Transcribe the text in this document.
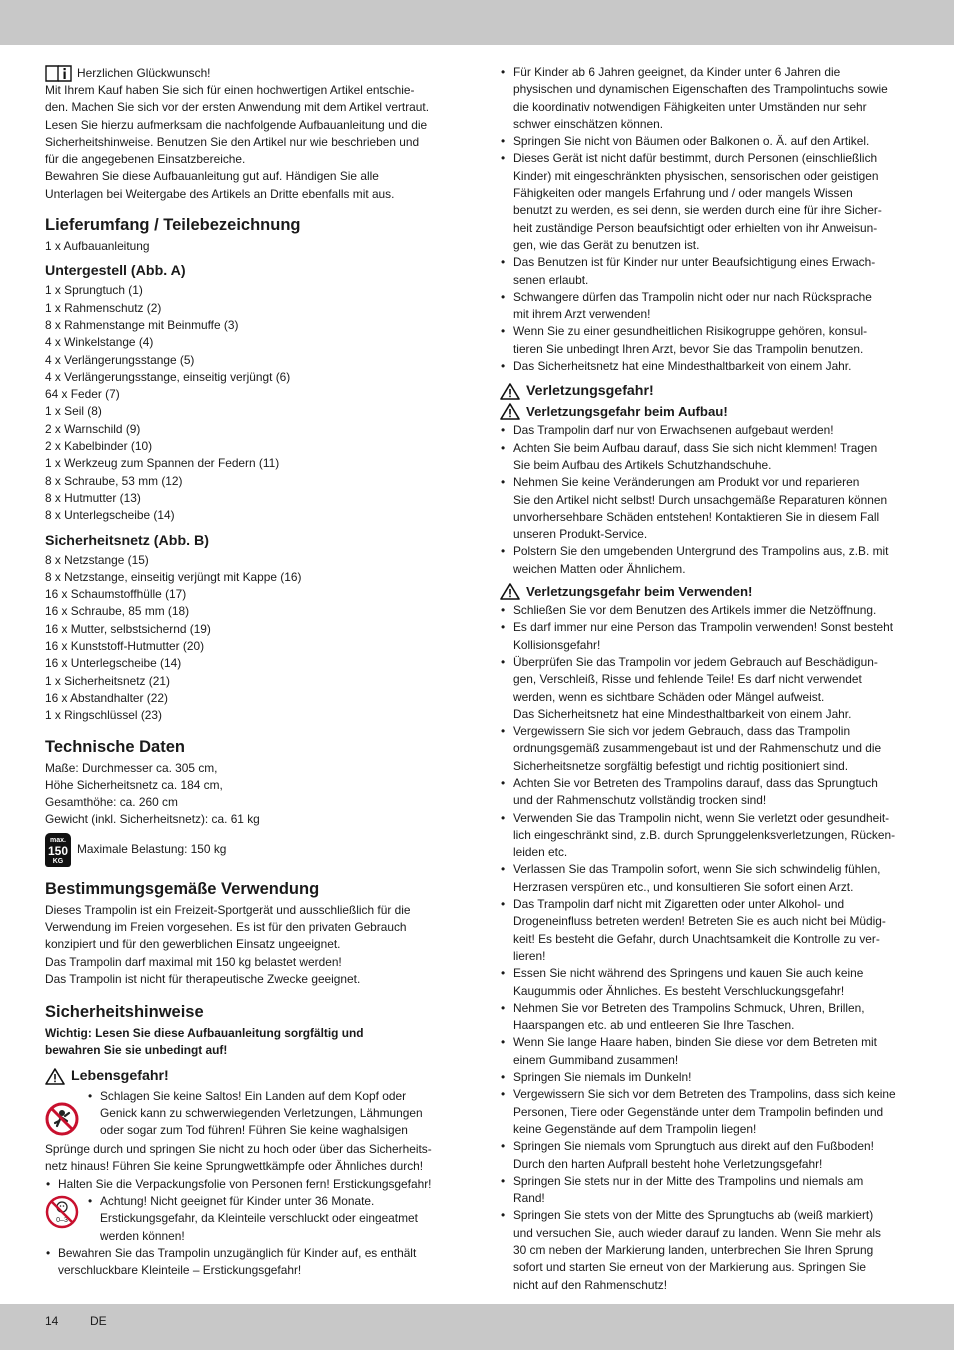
Herzlichen Glückwunsch!

Mit Ihrem Kauf haben Sie sich für einen hochwertigen Artikel entschie-

den. Machen Sie sich vor der ersten Anwendung mit dem Artikel vertraut.

Lesen Sie hierzu aufmerksam die nachfolgende Aufbauanleitung und die

Sicherheitshinweise. Benutzen Sie den Artikel nur wie beschrieben und

für die angegebenen Einsatzbereiche.

Bewahren Sie diese Aufbauanleitung gut auf. Händigen Sie alle

Unterlagen bei Weitergabe des Artikels an Dritte ebenfalls mit aus.

Lieferumfang / Teilebezeichnung

1 x Aufbauanleitung

Untergestell (Abb. A)

1 x Sprungtuch (1)

1 x Rahmenschutz (2)

8 x Rahmenstange mit Beinmuffe (3)

4 x Winkelstange (4)

4 x Verlängerungsstange (5)

4 x Verlängerungsstange, einseitig verjüngt (6)

64 x Feder (7)

1 x Seil (8)

2 x Warnschild (9)

2 x Kabelbinder (10)

1 x Werkzeug zum Spannen der Federn (11)

8 x Schraube, 53 mm (12)

8 x Hutmutter (13)

8 x Unterlegscheibe (14)

Sicherheitsnetz (Abb. B)

8 x Netzstange (15)

8 x Netzstange, einseitig verjüngt mit Kappe (16)

16 x Schaumstoffhülle (17)

16 x Schraube, 85 mm (18)

16 x Mutter, selbstsichernd (19)

16 x Kunststoff-Hutmutter (20)

16 x Unterlegscheibe (14)

1 x Sicherheitsnetz (21)

16 x Abstandhalter (22)

1 x Ringschlüssel (23)

Technische Daten

Maße: Durchmesser ca. 305 cm,

Höhe Sicherheitsnetz ca. 184 cm,

Gesamthöhe: ca. 260 cm

Gewicht (inkl. Sicherheitsnetz): ca. 61 kg

max.
150
KG
Maximale Belastung: 150 kg
Bestimmungsgemäße Verwendung

Dieses Trampolin ist ein Freizeit-Sportgerät und ausschließlich für die

Verwendung im Freien vorgesehen. Es ist für den privaten Gebrauch

konzipiert und für den gewerblichen Einsatz ungeeignet.

Das Trampolin darf maximal mit 150 kg belastet werden!

Das Trampolin ist nicht für therapeutische Zwecke geeignet.

Sicherheitshinweise

Wichtig: Lesen Sie diese Aufbauanleitung sorgfältig und

bewahren Sie sie unbedingt auf!

Lebensgefahr!
• Schlagen Sie keine Saltos! Ein Landen auf dem Kopf oder
Genick kann zu schwerwiegenden Verletzungen, Lähmungen
oder sogar zum Tod führen! Führen Sie keine waghalsigen

Sprünge durch und springen Sie nicht zu hoch oder über das Sicherheits-

netz hinaus! Führen Sie keine Sprungwettkämpfe oder Ähnliches durch!

• Halten Sie die Verpackungsfolie von Personen fern! Erstickungsgefahr!
0–3
• Achtung! Nicht geeignet für Kinder unter 36 Monate.
Erstickungsgefahr, da Kleinteile verschluckt oder eingeatmet
werden können!
• Bewahren Sie das Trampolin unzugänglich für Kinder auf, es enthält
verschluckbare Kleinteile – Erstickungsgefahr!
• Für Kinder ab 6 Jahren geeignet, da Kinder unter 6 Jahren die
physischen und dynamischen Eigenschaften des Trampolintuchs sowie
die koordinativ notwendigen Fähigkeiten unter Umständen nur sehr
schwer einschätzen können.
• Springen Sie nicht von Bäumen oder Balkonen o. Ä. auf den Artikel.
• Dieses Gerät ist nicht dafür bestimmt, durch Personen (einschließlich
Kinder) mit eingeschränkten physischen, sensorischen oder geistigen
Fähigkeiten oder mangels Erfahrung und / oder mangels Wissen
benutzt zu werden, es sei denn, sie werden durch eine für ihre Sicher-
heit zuständige Person beaufsichtigt oder erhielten von ihr Anweisun-
gen, wie das Gerät zu benutzen ist.
• Das Benutzen ist für Kinder nur unter Beaufsichtigung eines Erwach-
senen erlaubt.
• Schwangere dürfen das Trampolin nicht oder nur nach Rücksprache
mit ihrem Arzt verwenden!
• Wenn Sie zu einer gesundheitlichen Risikogruppe gehören, konsul-
tieren Sie unbedingt Ihren Arzt, bevor Sie das Trampolin benutzen.
• Das Sicherheitsnetz hat eine Mindesthaltbarkeit von einem Jahr.
Verletzungsgefahr!
Verletzungsgefahr beim Aufbau!
• Das Trampolin darf nur von Erwachsenen aufgebaut werden!
• Achten Sie beim Aufbau darauf, dass Sie sich nicht klemmen! Tragen
Sie beim Aufbau des Artikels Schutzhandschuhe.
• Nehmen Sie keine Veränderungen am Produkt vor und reparieren
Sie den Artikel nicht selbst! Durch unsachgemäße Reparaturen können
unvorhersehbare Schäden entstehen! Kontaktieren Sie in diesem Fall
unseren Produkt-Service.
• Polstern Sie den umgebenden Untergrund des Trampolins aus, z.B. mit
weichen Matten oder Ähnlichem.
Verletzungsgefahr beim Verwenden!
• Schließen Sie vor dem Benutzen des Artikels immer die Netzöffnung.
• Es darf immer nur eine Person das Trampolin verwenden! Sonst besteht
Kollisionsgefahr!
• Überprüfen Sie das Trampolin vor jedem Gebrauch auf Beschädigun-
gen, Verschleiß, Risse und fehlende Teile! Es darf nicht verwendet
werden, wenn es sichtbare Schäden oder Mängel aufweist.
Das Sicherheitsnetz hat eine Mindesthaltbarkeit von einem Jahr.
• Vergewissern Sie sich vor jedem Gebrauch, dass das Trampolin
ordnungsgemäß zusammengebaut ist und der Rahmenschutz und die
Sicherheitsnetze sorgfältig befestigt und richtig positioniert sind.
• Achten Sie vor Betreten des Trampolins darauf, dass das Sprungtuch
und der Rahmenschutz vollständig trocken sind!
• Verwenden Sie das Trampolin nicht, wenn Sie verletzt oder gesundheit-
lich eingeschränkt sind, z.B. durch Sprunggelenksverletzungen, Rücken-
leiden etc.
• Verlassen Sie das Trampolin sofort, wenn Sie sich schwindelig fühlen,
Herzrasen verspüren etc., und konsultieren Sie sofort einen Arzt.
• Das Trampolin darf nicht mit Zigaretten oder unter Alkohol- und
Drogeneinfluss betreten werden! Betreten Sie es auch nicht bei Müdig-
keit! Es besteht die Gefahr, durch Unachtsamkeit die Kontrolle zu ver-
lieren!
• Essen Sie nicht während des Springens und kauen Sie auch keine
Kaugummis oder Ähnliches. Es besteht Verschluckungsgefahr!
• Nehmen Sie vor Betreten des Trampolins Schmuck, Uhren, Brillen,
Haarspangen etc. ab und entleeren Sie Ihre Taschen.
• Wenn Sie lange Haare haben, binden Sie diese vor dem Betreten mit
einem Gummiband zusammen!
• Springen Sie niemals im Dunkeln!
• Vergewissern Sie sich vor dem Betreten des Trampolins, dass sich keine
Personen, Tiere oder Gegenstände unter dem Trampolin befinden und
keine Gegenstände auf dem Trampolin liegen!
• Springen Sie niemals vom Sprungtuch aus direkt auf den Fußboden!
Durch den harten Aufprall besteht hohe Verletzungsgefahr!
• Springen Sie stets nur in der Mitte des Trampolins und niemals am
Rand!
• Springen Sie stets von der Mitte des Sprungtuchs ab (weiß markiert)
und versuchen Sie, auch wieder darauf zu landen. Wenn Sie mehr als
30 cm neben der Markierung landen, unterbrechen Sie Ihren Sprung
sofort und starten Sie erneut von der Markierung aus. Springen Sie
nicht auf den Rahmenschutz!
14	DE
